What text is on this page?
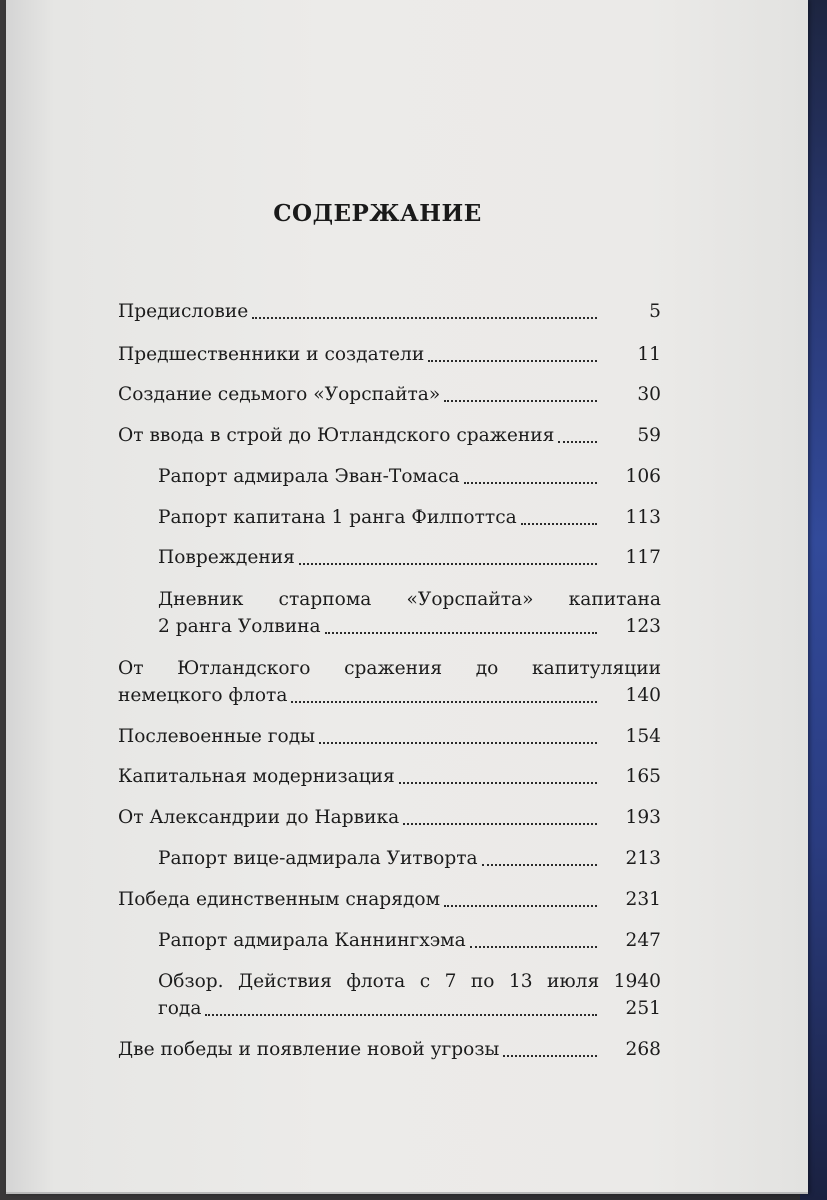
СОДЕРЖАНИЕ
Предисловие	5
Предшественники и создатели	11
Создание седьмого «Уорспайта»	30
От ввода в строй до Ютландского сражения	59
Рапорт адмирала Эван-Томаса	106
Рапорт капитана 1 ранга Филпоттса	113
Повреждения	117
Дневник старпома «Уорспайта» капитана
2 ранга Уолвина	123
От Ютландского сражения до капитуляции
немецкого флота	140
Послевоенные годы	154
Капитальная модернизация	165
От Александрии до Нарвика	193
Рапорт вице-адмирала Уитворта	213
Победа единственным снарядом	231
Рапорт адмирала Каннингхэма	247
Обзор. Действия флота с 7 по 13 июля 1940
года	251
Две победы и появление новой угрозы	268
